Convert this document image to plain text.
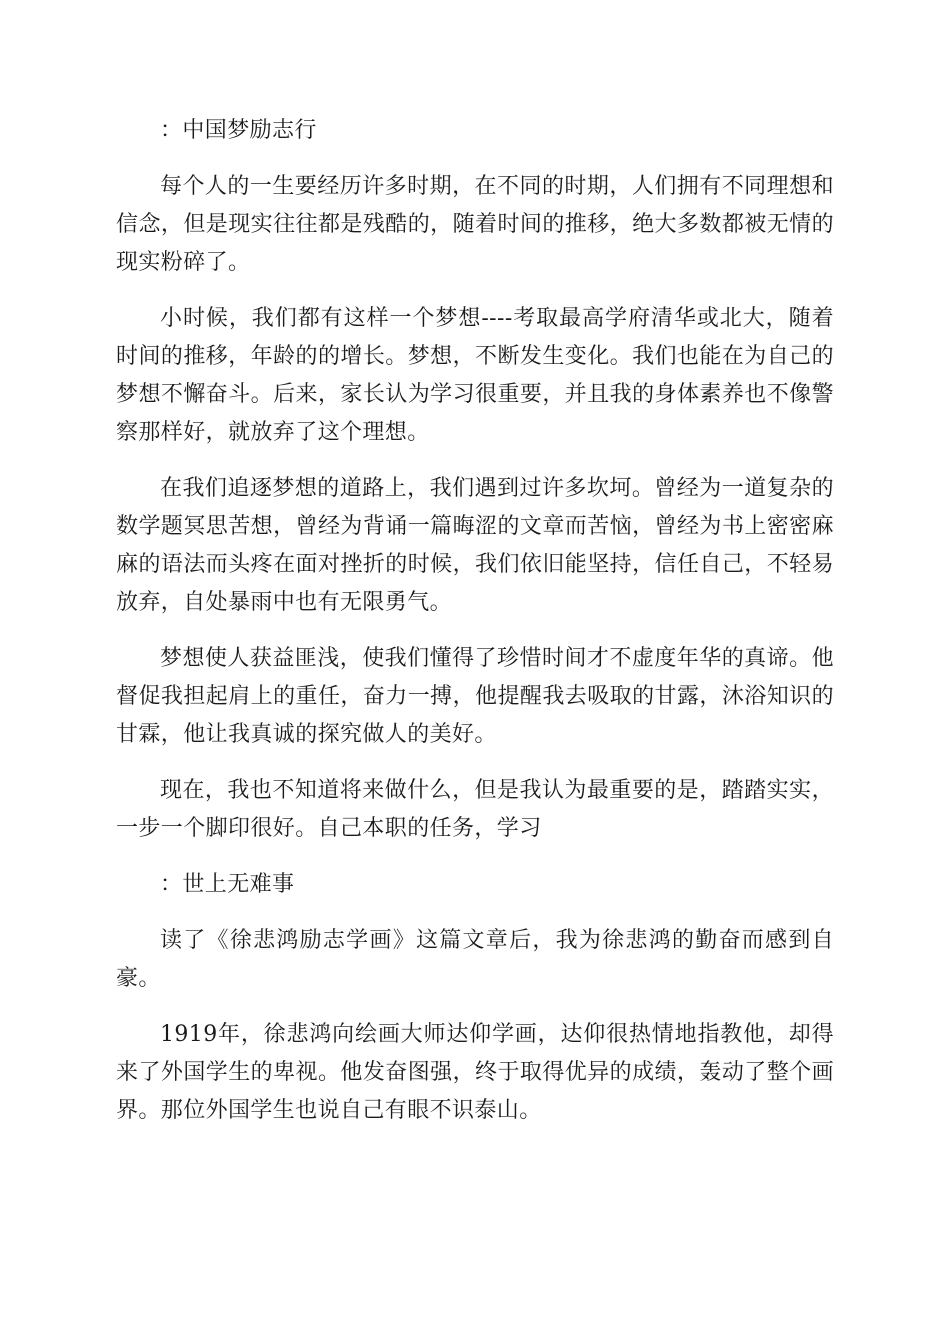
：中国梦励志行

每个人的一生要经历许多时期，在不同的时期，人们拥有不同理想和信念，但是现实往往都是残酷的，随着时间的推移，绝大多数都被无情的现实粉碎了。

小时候，我们都有这样一个梦想----考取最高学府清华或北大，随着时间的推移，年龄的的增长。梦想，不断发生变化。我们也能在为自己的梦想不懈奋斗。后来，家长认为学习很重要，并且我的身体素养也不像警察那样好，就放弃了这个理想。

在我们追逐梦想的道路上，我们遇到过许多坎坷。曾经为一道复杂的数学题冥思苦想，曾经为背诵一篇晦涩的文章而苦恼，曾经为书上密密麻麻的语法而头疼在面对挫折的时候，我们依旧能坚持，信任自己，不轻易放弃，自处暴雨中也有无限勇气。

梦想使人获益匪浅，使我们懂得了珍惜时间才不虚度年华的真谛。他督促我担起肩上的重任，奋力一搏，他提醒我去吸取的甘露，沐浴知识的甘霖，他让我真诚的探究做人的美好。

现在，我也不知道将来做什么，但是我认为最重要的是，踏踏实实，一步一个脚印很好。自己本职的任务，学习

：世上无难事

读了《徐悲鸿励志学画》这篇文章后，我为徐悲鸿的勤奋而感到自豪。

1919年，徐悲鸿向绘画大师达仰学画，达仰很热情地指教他，却得来了外国学生的卑视。他发奋图强，终于取得优异的成绩，轰动了整个画界。那位外国学生也说自己有眼不识泰山。
